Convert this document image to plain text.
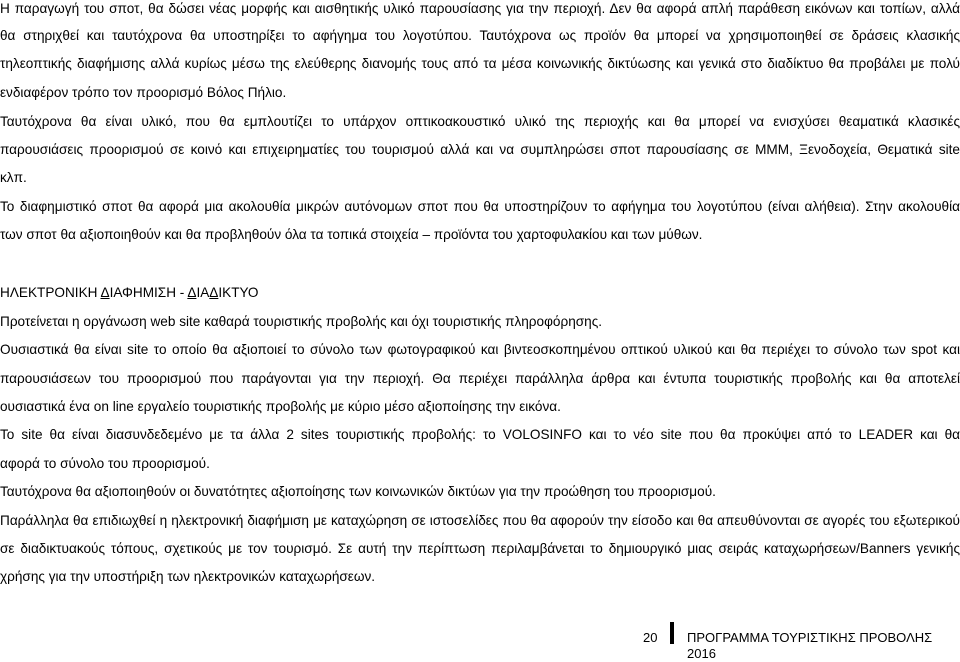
Η παραγωγή του σποτ, θα δώσει νέας μορφής και αισθητικής υλικό παρουσίασης για την περιοχή. Δεν θα αφορά απλή παράθεση εικόνων και τοπίων, αλλά
θα στηριχθεί και ταυτόχρονα θα υποστηρίξει το αφήγημα του λογοτύπου. Ταυτόχρονα ως προϊόν θα μπορεί να χρησιμοποιηθεί σε δράσεις κλασικής
τηλεοπτικής διαφήμισης αλλά κυρίως μέσω της ελεύθερης διανομής τους από τα μέσα κοινωνικής δικτύωσης και γενικά στο διαδίκτυο θα προβάλει με πολύ
ενδιαφέρον τρόπο τον προορισμό Βόλος Πήλιο.
Ταυτόχρονα θα είναι υλικό, που θα εμπλουτίζει το υπάρχον οπτικοακουστικό υλικό της περιοχής και θα μπορεί να ενισχύσει θεαματικά κλασικές
παρουσιάσεις προορισμού σε κοινό και επιχειρηματίες του τουρισμού αλλά και να συμπληρώσει σποτ παρουσίασης σε ΜΜΜ, Ξενοδοχεία, Θεματικά site
κλπ.
Το διαφημιστικό σποτ θα αφορά μια ακολουθία μικρών αυτόνομων σποτ που θα υποστηρίζουν το αφήγημα του λογοτύπου (είναι αλήθεια). Στην ακολουθία
των σποτ θα αξιοποιηθούν και θα προβληθούν όλα τα τοπικά στοιχεία – προϊόντα του χαρτοφυλακίου και των μύθων.
ΗΛΕΚΤΡΟΝΙΚΗ ΔΙΑΦΗΜΙΣΗ - ΔΙΑΔΙΚΤΥΟ
Προτείνεται η οργάνωση web site καθαρά τουριστικής προβολής και όχι τουριστικής πληροφόρησης.
Ουσιαστικά θα είναι site το οποίο θα αξιοποιεί το σύνολο των φωτογραφικού και βιντεοσκοπημένου οπτικού υλικού και θα περιέχει το σύνολο των spot και
παρουσιάσεων του προορισμού που παράγονται για την περιοχή. Θα περιέχει παράλληλα άρθρα και έντυπα τουριστικής προβολής και θα αποτελεί
ουσιαστικά ένα on line εργαλείο τουριστικής προβολής με κύριο μέσο αξιοποίησης την εικόνα.
Το site θα είναι διασυνδεδεμένο με τα άλλα 2 sites τουριστικής προβολής: το VOLOSINFO και το νέο site που θα προκύψει από το LEADER και θα
αφορά το σύνολο του προορισμού.
Ταυτόχρονα θα αξιοποιηθούν οι δυνατότητες αξιοποίησης των κοινωνικών δικτύων για την προώθηση του προορισμού.
Παράλληλα θα επιδιωχθεί η ηλεκτρονική διαφήμιση με καταχώρηση σε ιστοσελίδες που θα αφορούν την είσοδο και θα απευθύνονται σε αγορές του εξωτερικού
σε διαδικτυακούς τόπους, σχετικούς με τον τουρισμό. Σε αυτή την περίπτωση περιλαμβάνεται το δημιουργικό μιας σειράς καταχωρήσεων/Banners γενικής
χρήσης για την υποστήριξη των ηλεκτρονικών καταχωρήσεων.
20 ΠΡΟΓΡΑΜΜΑ ΤΟΥΡΙΣΤΙΚΗΣ ΠΡΟΒΟΛΗΣ 2016
